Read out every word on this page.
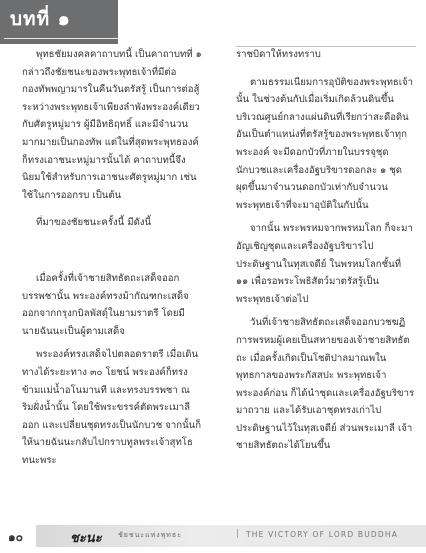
บทที่ ๑

พุทธชัยมงคลคาถาบทนี้ เป็นคาถาบทที่ ๑ กล่าวถึงชัยชนะของพระพุทธเจ้าที่มีต่อกองทัพพญามารในคืนวันตรัสรู้ เป็นการต่อสู้ระหว่างพระพุทธเจ้าเพียงลำพังพระองค์เดียวกับศัตรูหมู่มาร ผู้มีอิทธิฤทธิ์ และมีจำนวนมากมายเป็นกองทัพ แต่ในที่สุดพระพุทธองค์ก็ทรงเอาชนะหมู่มารนั้นได้ คาถาบทนี้จึงนิยมใช้สำหรับการเอาชนะศัตรูหมู่มาก เช่นใช้ในการออกรบ เป็นต้น

ที่มาของชัยชนะครั้งนี้ มีดังนี้

เมื่อครั้งที่เจ้าชายสิทธัตถะเสด็จออกบรรพชานั้น พระองค์ทรงม้ากัณฑกะเสด็จออกจากกรุงกบิลพัสดุ์ในยามราตรี โดยมีนายฉันนะเป็นผู้ตามเสด็จ

พระองค์ทรงเสด็จไปตลอดราตรี เมื่อเดินทางได้ระยะทาง ๓๐ โยชน์ พระองค์ก็ทรงข้ามแม่น้ำอโนมานที และทรงบรรพชา ณ ริมฝั่งน้ำนั้น โดยใช้พระขรรค์ตัดพระเมาลีออก และเปลี่ยนชุดทรงเป็นนักบวช จากนั้นก็ให้นายฉันนะกลับไปกราบทูลพระเจ้าสุทโธทนะพระ

ราชบิดาให้ทรงทราบ

ตามธรรมเนียมการอุบัติของพระพุทธเจ้านั้น ในช่วงต้นกัปเมื่อเริ่มเกิดล้วนดินขึ้น บริเวณศูนย์กลางแผ่นดินที่เรียกว่าสะดือดิน อันเป็นตำแหน่งที่ตรัสรู้ของพระพุทธเจ้าทุกพระองค์ จะมีดอกบัวที่ภายในบรรจุชุดนักบวชและเครื่องอัฐบริขารดอกละ ๑ ชุด ผุดขึ้นมาจำนวนดอกบัวเท่ากับจำนวนพระพุทธเจ้าที่จะมาอุบัติในกัปนั้น

จากนั้น พระพรหมจากพรหมโลก ก็จะมาอัญเชิญชุดและเครื่องอัฐบริขารไปประดิษฐานในทุสเจดีย์ ในพรหมโลกชั้นที่ ๑๑ เพื่อรอพระโพธิสัตว์มาตรัสรู้เป็นพระพุทธเจ้าต่อไป

วันที่เจ้าชายสิทธัตถะเสด็จออกบวชฆฏิการพรหมผู้เคยเป็นสหายของเจ้าชายสิทธัตถะ เมื่อครั้งเกิดเป็นโชติปาลมาณพในพุทธกาลของพระกัสสปะ พระพุทธเจ้าพระองค์ก่อน ก็ได้นำชุดและเครื่องอัฐบริขารมาถวาย และได้รับเอาชุดทรงเก่าไปประดิษฐานไว้ในทุสเจดีย์ ส่วนพระเมาลี เจ้าชายสิทธัตถะได้โยนขึ้น

๑๐	ชะนะ ชัยชนะแห่งพุทธะ	| THE VICTORY OF LORD BUDDHA
